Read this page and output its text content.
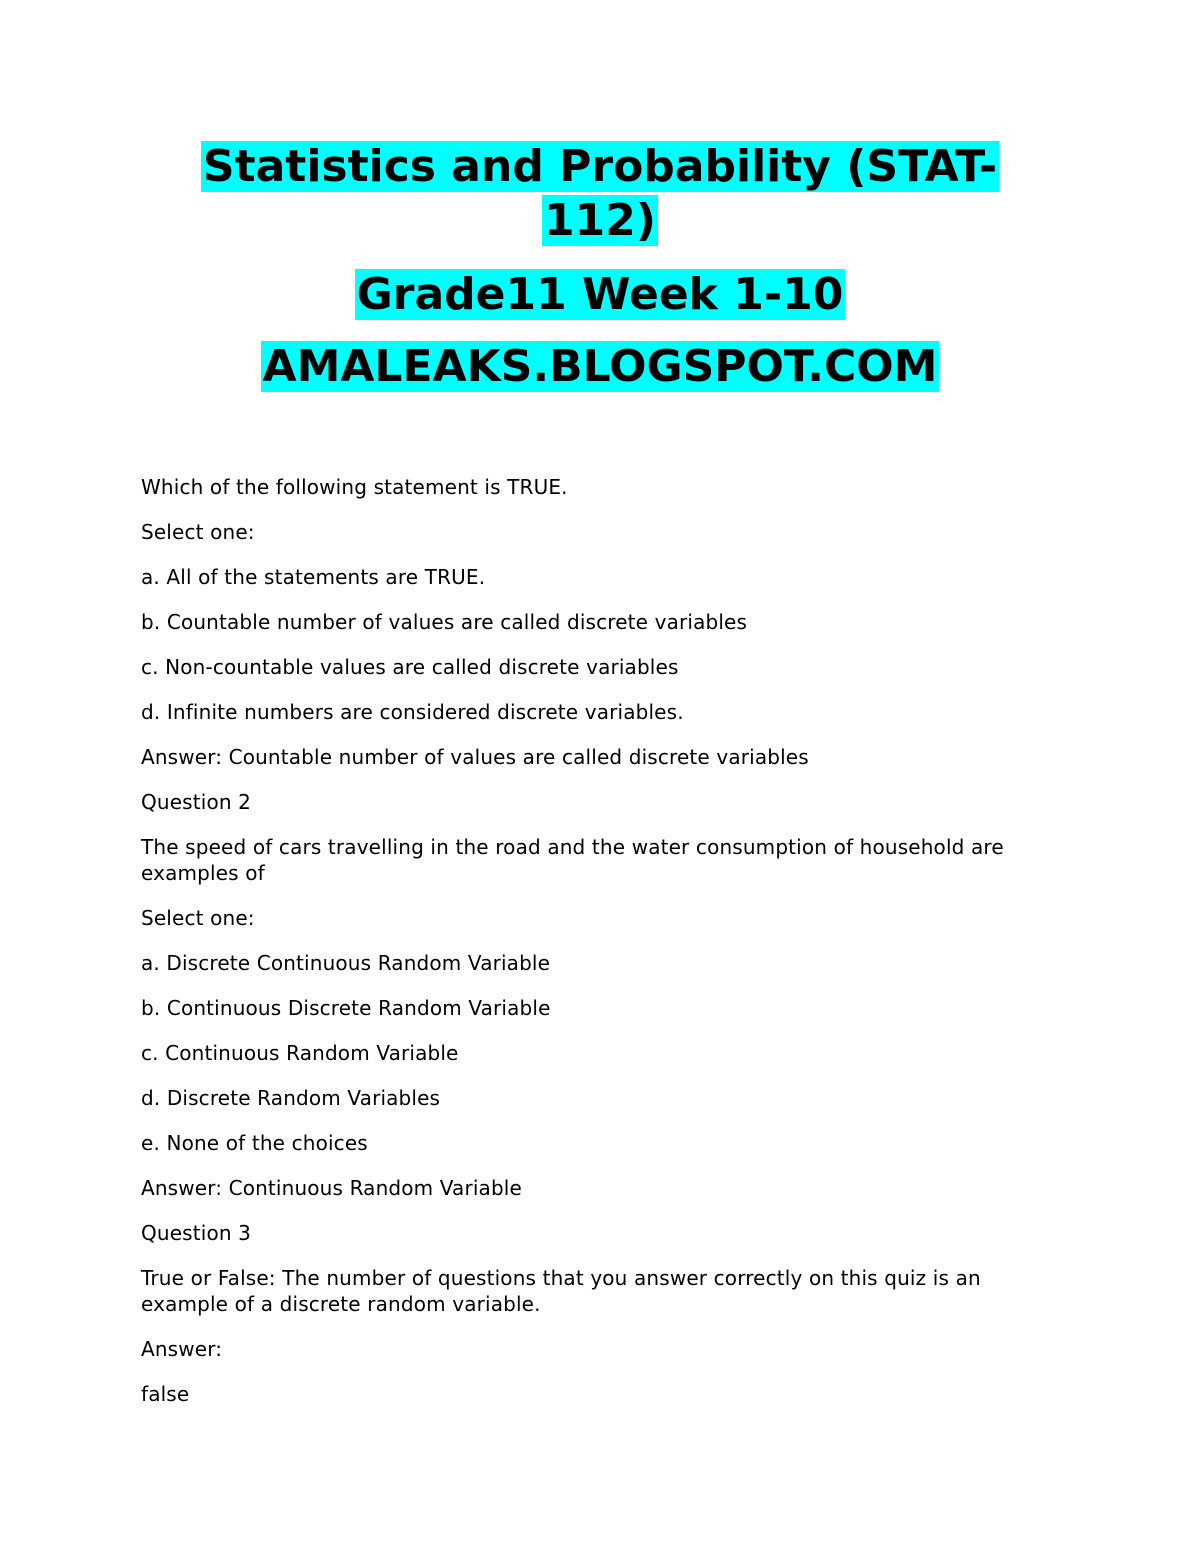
Statistics and Probability (STAT-
112)
Grade11 Week 1-10
AMALEAKS.BLOGSPOT.COM

Which of the following statement is TRUE.

Select one:

a. All of the statements are TRUE.

b. Countable number of values are called discrete variables

c. Non-countable values are called discrete variables

d. Infinite numbers are considered discrete variables.

Answer: Countable number of values are called discrete variables

Question 2

The speed of cars travelling in the road and the water consumption of household are examples of

Select one:

a. Discrete Continuous Random Variable

b. Continuous Discrete Random Variable

c. Continuous Random Variable

d. Discrete Random Variables

e. None of the choices

Answer: Continuous Random Variable

Question 3

True or False: The number of questions that you answer correctly on this quiz is an example of a discrete random variable.

Answer:

false
